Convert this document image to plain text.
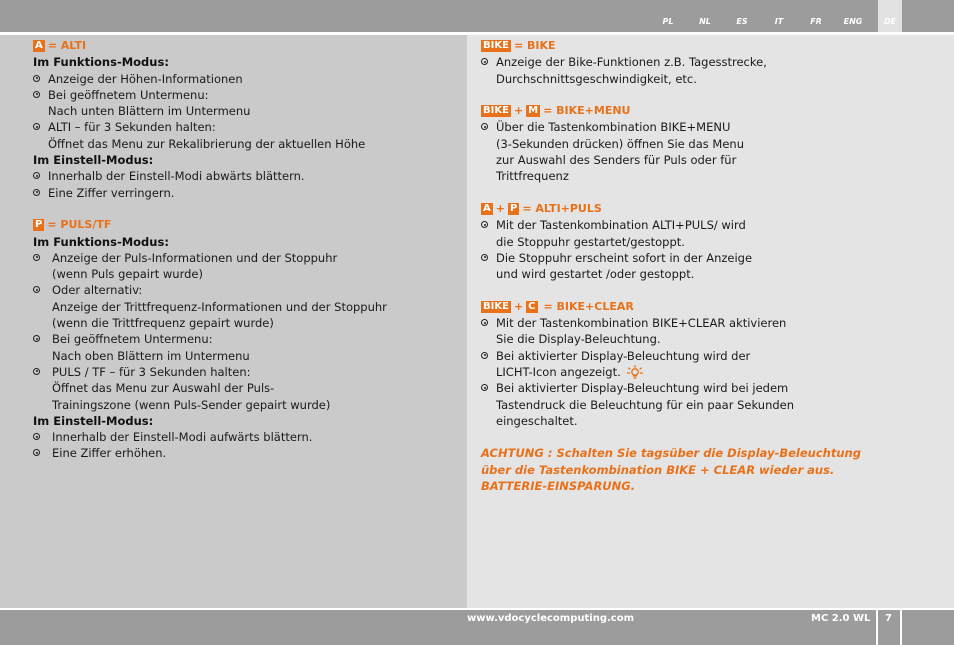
PL	NL	ES	IT	FR	ENG	DE
A = ALTI
Im Funktions-Modus:
Anzeige der Höhen-Informationen
Bei geöffnetem Untermenu:
Nach unten Blättern im Untermenu
ALTI – für 3 Sekunden halten:
Öffnet das Menu zur Rekalibrierung der aktuellen Höhe
Im Einstell-Modus:
Innerhalb der Einstell-Modi abwärts blättern.
Eine Ziffer verringern.
P = PULS/TF
Im Funktions-Modus:
Anzeige der Puls-Informationen und der Stoppuhr
(wenn Puls gepairt wurde)
Oder alternativ:
Anzeige der Trittfrequenz-Informationen und der Stoppuhr
(wenn die Trittfrequenz gepairt wurde)
Bei geöffnetem Untermenu:
Nach oben Blättern im Untermenu
PULS / TF – für 3 Sekunden halten:
Öffnet das Menu zur Auswahl der Puls-
Trainingszone (wenn Puls-Sender gepairt wurde)
Im Einstell-Modus:
Innerhalb der Einstell-Modi aufwärts blättern.
Eine Ziffer erhöhen.
BIKE = BIKE
Anzeige der Bike-Funktionen z.B. Tagesstrecke,
Durchschnittsgeschwindigkeit, etc.
BIKE + M = BIKE+MENU
Über die Tastenkombination BIKE+MENU
(3-Sekunden drücken) öffnen Sie das Menu
zur Auswahl des Senders für Puls oder für
Trittfrequenz
A + P = ALTI+PULS
Mit der Tastenkombination ALTI+PULS/ wird
die Stoppuhr gestartet/gestoppt.
Die Stoppuhr erscheint sofort in der Anzeige
und wird gestartet /oder gestoppt.
BIKE + C = BIKE+CLEAR
Mit der Tastenkombination BIKE+CLEAR aktivieren
Sie die Display-Beleuchtung.
Bei aktivierter Display-Beleuchtung wird der
LICHT-Icon angezeigt.
Bei aktivierter Display-Beleuchtung wird bei jedem
Tastendruck die Beleuchtung für ein paar Sekunden
eingeschaltet.
ACHTUNG : Schalten Sie tagsüber die Display-Beleuchtung
über die Tastenkombination BIKE + CLEAR wieder aus.
BATTERIE-EINSPARUNG.
www.vdocyclecomputing.com	MC 2.0 WL 7
